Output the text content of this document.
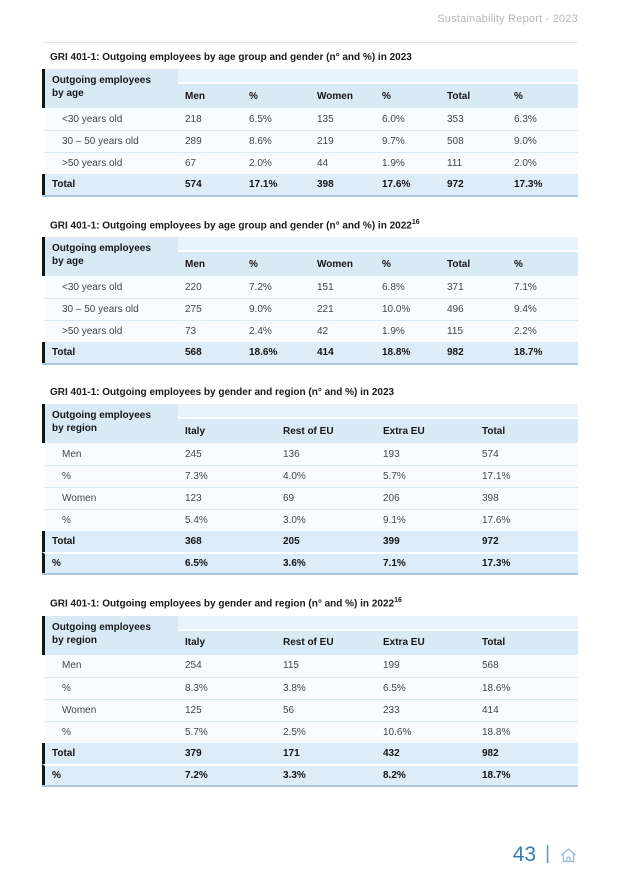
Sustainability Report - 2023
GRI 401-1: Outgoing employees by age group and gender (n° and %) in 2023
Outgoing employees
by age	Men	%	Women	%	Total	%
<30 years old	218	6.5%	135	6.0%	353	6.3%
30 – 50 years old	289	8.6%	219	9.7%	508	9.0%
>50 years old	67	2.0%	44	1.9%	111	2.0%
Total	574	17.1%	398	17.6%	972	17.3%
GRI 401-1: Outgoing employees by age group and gender (n° and %) in 2022$^{16}$
Outgoing employees
by age	Men	%	Women	%	Total	%
<30 years old	220	7.2%	151	6.8%	371	7.1%
30 – 50 years old	275	9.0%	221	10.0%	496	9.4%
>50 years old	73	2.4%	42	1.9%	115	2.2%
Total	568	18.6%	414	18.8%	982	18.7%
GRI 401-1: Outgoing employees by gender and region (n° and %) in 2023
Outgoing employees
by region	Italy	Rest of EU	Extra EU	Total
Men	245	136	193	574
%	7.3%	4.0%	5.7%	17.1%
Women	123	69	206	398
%	5.4%	3.0%	9.1%	17.6%
Total	368	205	399	972
%	6.5%	3.6%	7.1%	17.3%
GRI 401-1: Outgoing employees by gender and region (n° and %) in 2022$^{16}$
Outgoing employees
by region	Italy	Rest of EU	Extra EU	Total
Men	254	115	199	568
%	8.3%	3.8%	6.5%	18.6%
Women	125	56	233	414
%	5.7%	2.5%	10.6%	18.8%
Total	379	171	432	982
%	7.2%	3.3%	8.2%	18.7%
43 |
